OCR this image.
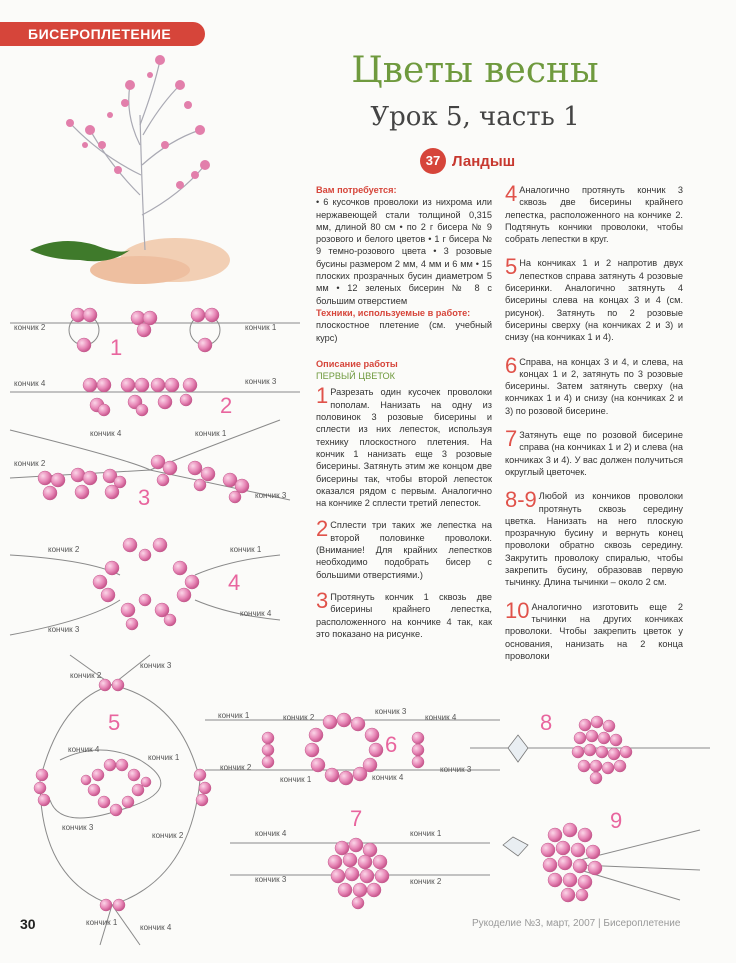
БИСЕРОПЛЕТЕНИЕ
Цветы весны
Урок 5, часть 1
37 Ландыш

Вам потребуется:
• 6 кусочков проволоки из нихрома или нержавеющей стали толщиной 0,315 мм, длиной 80 см • по 2 г бисера № 9 розового и белого цветов • 1 г бисера № 9 темно-розового цвета • 3 розовые бусины размером 2 мм, 4 мм и 6 мм • 15 плоских прозрачных бусин диаметром 5 мм • 12 зеленых бисерин № 8 с большим отверстием
Техники, используемые в работе:
плоскостное плетение (см. учебный курс)

Описание работы
ПЕРВЫЙ ЦВЕТОК

1 Разрезать один кусочек проволоки пополам. Нанизать на одну из половинок 3 розовые бисерины и сплести из них лепесток, используя технику плоскостного плетения. На кончик 1 нанизать еще 3 розовые бисерины. Затянуть этим же концом две бисерины так, чтобы второй лепесток оказался рядом с первым. Аналогично на кончике 2 сплести третий лепесток.
2 Сплести три таких же лепестка на второй половинке проволоки. (Внимание! Для крайних лепестков необходимо подобрать бисер с большими отверстиями.)
3 Протянуть кончик 1 сквозь две бисерины крайнего лепестка, расположенного на кончике 4 так, как это показано на рисунке.
4 Аналогично протянуть кончик 3 сквозь две бисерины крайнего лепестка, расположенного на кончике 2. Подтянуть кончики проволоки, чтобы собрать лепестки в круг.
5 На кончиках 1 и 2 напротив двух лепестков справа затянуть 4 розовые бисеринки. Аналогично затянуть 4 бисерины слева на концах 3 и 4 (см. рисунок). Затянуть по 2 розовые бисерины сверху (на кончиках 2 и 3) и снизу (на кончиках 1 и 4).
6 Справа, на концах 3 и 4, и слева, на концах 1 и 2, затянуть по 3 розовые бисерины. Затем затянуть сверху (на кончиках 1 и 4) и снизу (на кончиках 2 и 3) по розовой бисерине.
7 Затянуть еще по розовой бисерине справа (на кончиках 1 и 2) и слева (на кончиках 3 и 4). У вас должен получиться округлый цветочек.
8-9 Любой из кончиков проволоки протянуть сквозь середину цветка. Нанизать на него плоскую прозрачную бусину и вернуть конец проволоки обратно сквозь середину. Закрутить проволоку спиралью, чтобы закрепить бусину, образовав первую тычинку. Длина тычинки – около 2 см.
10 Аналогично изготовить еще 2 тычинки на других кончиках проволоки. Чтобы закрепить цветок у основания, нанизать на 2 конца проволоки
1
2
3
4
5
6
7
8
9
кончик 2	кончик 1
кончик 4	кончик 3
кончик 4	кончик 1
кончик 2
кончик 3
кончик 2	кончик 1
кончик 3
кончик 4
кончик 2
кончик 3
кончик 4
кончик 1
кончик 3
кончик 2
кончик 1
кончик 4
кончик 1	кончик 2
кончик 3
кончик 4
кончик 2
кончик 1	кончик 4
кончик 3
кончик 4	кончик 1
кончик 3	кончик 2
30	Рукоделие №3, март, 2007 | Бисероплетение
